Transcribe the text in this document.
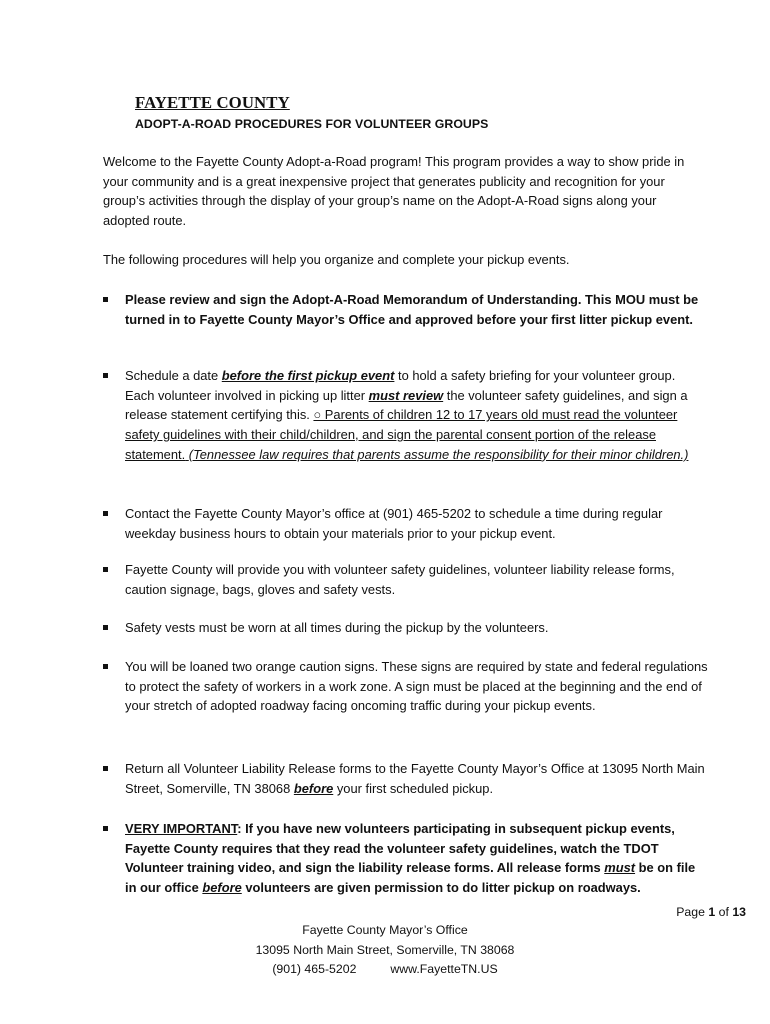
FAYETTE COUNTY
ADOPT-A-ROAD PROCEDURES FOR VOLUNTEER GROUPS
Welcome to the Fayette County Adopt-a-Road program! This program provides a way to show pride in your community and is a great inexpensive project that generates publicity and recognition for your group’s activities through the display of your group’s name on the Adopt-A-Road signs along your adopted route.
The following procedures will help you organize and complete your pickup events.
Please review and sign the Adopt-A-Road Memorandum of Understanding. This MOU must be turned in to Fayette County Mayor’s Office and approved before your first litter pickup event.
Schedule a date before the first pickup event to hold a safety briefing for your volunteer group. Each volunteer involved in picking up litter must review the volunteer safety guidelines, and sign a release statement certifying this. ○ Parents of children 12 to 17 years old must read the volunteer safety guidelines with their child/children, and sign the parental consent portion of the release statement. (Tennessee law requires that parents assume the responsibility for their minor children.)
Contact the Fayette County Mayor’s office at (901) 465-5202 to schedule a time during regular weekday business hours to obtain your materials prior to your pickup event.
Fayette County will provide you with volunteer safety guidelines, volunteer liability release forms, caution signage, bags, gloves and safety vests.
Safety vests must be worn at all times during the pickup by the volunteers.
You will be loaned two orange caution signs. These signs are required by state and federal regulations to protect the safety of workers in a work zone. A sign must be placed at the beginning and the end of your stretch of adopted roadway facing oncoming traffic during your pickup events.
Return all Volunteer Liability Release forms to the Fayette County Mayor’s Office at 13095 North Main Street, Somerville, TN 38068 before your first scheduled pickup.
VERY IMPORTANT: If you have new volunteers participating in subsequent pickup events, Fayette County requires that they read the volunteer safety guidelines, watch the TDOT Volunteer training video, and sign the liability release forms. All release forms must be on file in our office before volunteers are given permission to do litter pickup on roadways.
Page 1 of 13
Fayette County Mayor’s Office
13095 North Main Street, Somerville, TN 38068
(901) 465-5202	www.FayetteTN.US
